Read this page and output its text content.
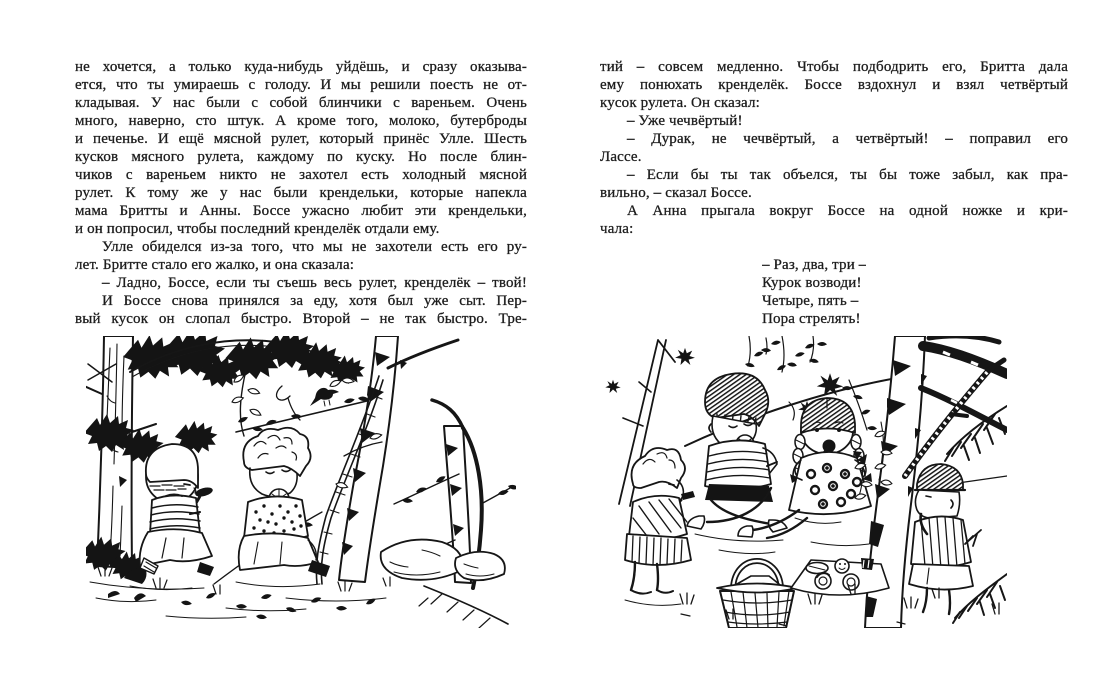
не хочется, а только куда-нибудь уйдёшь, и сразу оказыва-
ется, что ты умираешь с голоду. И мы решили поесть не от-
кладывая. У нас были с собой блинчики с вареньем. Очень
много, наверно, сто штук. А кроме того, молоко, бутерброды
и печенье. И ещё мясной рулет, который принёс Улле. Шесть
кусков мясного рулета, каждому по куску. Но после блин-
чиков с вареньем никто не захотел есть холодный мясной
рулет. К тому же у нас были крендельки, которые напекла
мама Бритты и Анны. Боссе ужасно любит эти крендельки,
и он попросил, чтобы последний кренделёк отдали ему.
Улле обиделся из-за того, что мы не захотели есть его ру-
лет. Бритте стало его жалко, и она сказала:
– Ладно, Боссе, если ты съешь весь рулет, кренделёк – твой!
И Боссе снова принялся за еду, хотя был уже сыт. Пер-
вый кусок он слопал быстро. Второй – не так быстро. Тре-
тий – совсем медленно. Чтобы подбодрить его, Бритта дала
ему понюхать кренделёк. Боссе вздохнул и взял четвёртый
кусок рулета. Он сказал:
– Уже чечвёртый!
– Дурак, не чечвёртый, а четвёртый! – поправил его
Лассе.
– Если бы ты так объелся, ты бы тоже забыл, как пра-
вильно, – сказал Боссе.
А Анна прыгала вокруг Боссе на одной ножке и кри-
чала:
– Раз, два, три –
Курок возводи!
Четыре, пять –
Пора стрелять!
